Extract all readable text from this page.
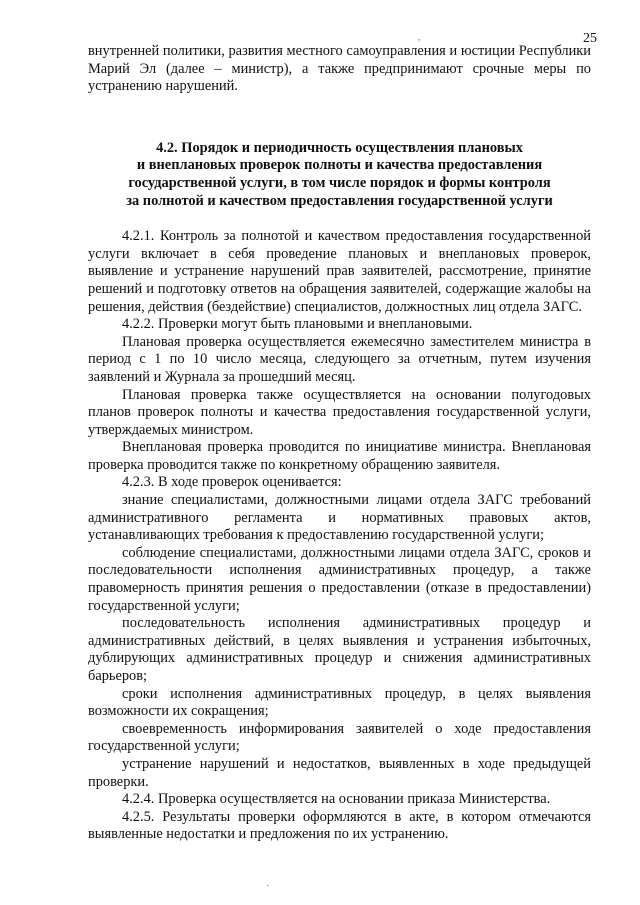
25
,
·

внутренней политики, развития местного самоуправления и юстиции Республики Марий Эл (далее – министр), а также предпринимают срочные меры по устранению нарушений.

4.2. Порядок и периодичность осуществления плановых
и внеплановых проверок полноты и качества предоставления
государственной услуги, в том числе порядок и формы контроля
за полнотой и качеством предоставления государственной услуги

4.2.1. Контроль за полнотой и качеством предоставления государственной услуги включает в себя проведение плановых и внеплановых проверок, выявление и устранение нарушений прав заявителей, рассмотрение, принятие решений и подготовку ответов на обращения заявителей, содержащие жалобы на решения, действия (бездействие) специалистов, должностных лиц отдела ЗАГС.

4.2.2. Проверки могут быть плановыми и внеплановыми.

Плановая проверка осуществляется ежемесячно заместителем министра в период с 1 по 10 число месяца, следующего за отчетным, путем изучения заявлений и Журнала за прошедший месяц.

Плановая проверка также осуществляется на основании полугодовых планов проверок полноты и качества предоставления государственной услуги, утверждаемых министром.

Внеплановая проверка проводится по инициативе министра. Внеплановая проверка проводится также по конкретному обращению заявителя.

4.2.3. В ходе проверок оценивается:

знание специалистами, должностными лицами отдела ЗАГС требований административного регламента и нормативных правовых актов, устанавливающих требования к предоставлению государственной услуги;

соблюдение специалистами, должностными лицами отдела ЗАГС, сроков и последовательности исполнения административных процедур, а также правомерность принятия решения о предоставлении (отказе в предоставлении) государственной услуги;

последовательность исполнения административных процедур и административных действий, в целях выявления и устранения избыточных, дублирующих административных процедур и снижения административных барьеров;

сроки исполнения административных процедур, в целях выявления возможности их сокращения;

своевременность информирования заявителей о ходе предоставления государственной услуги;

устранение нарушений и недостатков, выявленных в ходе предыдущей проверки.

4.2.4. Проверка осуществляется на основании приказа Министерства.

4.2.5. Результаты проверки оформляются в акте, в котором отмечаются выявленные недостатки и предложения по их устранению.
